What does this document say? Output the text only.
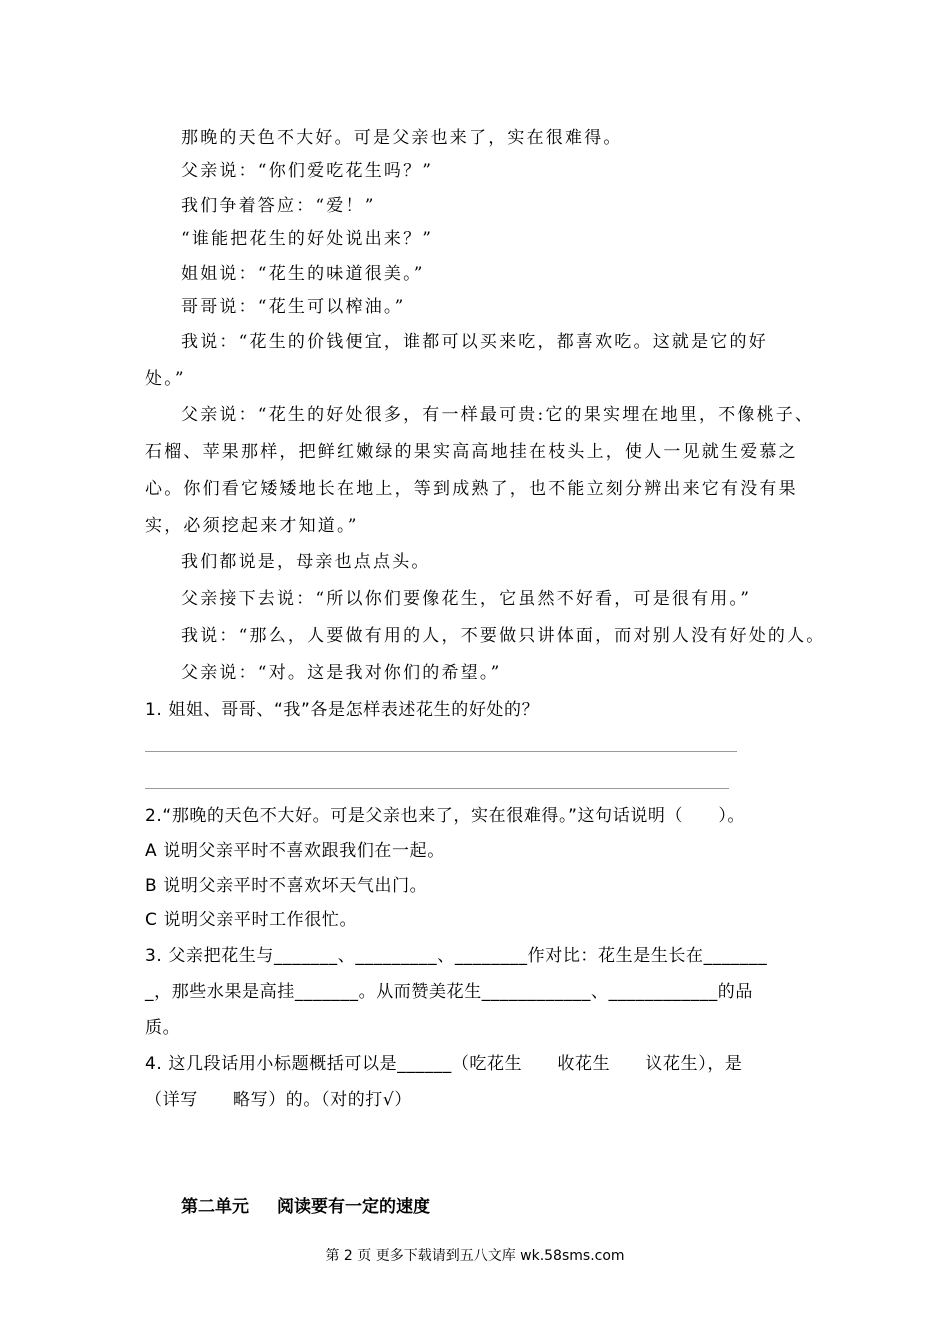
那晚的天色不大好。可是父亲也来了，实在很难得。
父亲说：“你们爱吃花生吗？”
我们争着答应：“爱！”
“谁能把花生的好处说出来？”
姐姐说：“花生的味道很美。”
哥哥说：“花生可以榨油。”
我说：“花生的价钱便宜，谁都可以买来吃，都喜欢吃。这就是它的好
处。”
父亲说：“花生的好处很多，有一样最可贵:它的果实埋在地里，不像桃子、
石榴、苹果那样，把鲜红嫩绿的果实高高地挂在枝头上，使人一见就生爱慕之
心。你们看它矮矮地长在地上，等到成熟了，也不能立刻分辨出来它有没有果
实，必须挖起来才知道。”
我们都说是，母亲也点点头。
父亲接下去说：“所以你们要像花生，它虽然不好看，可是很有用。”
我说：“那么，人要做有用的人，不要做只讲体面，而对别人没有好处的人。
父亲说：“对。这是我对你们的希望。”
1. 姐姐、哥哥、“我”各是怎样表述花生的好处的？
2.“那晚的天色不大好。可是父亲也来了，实在很难得。”这句话说明（　　）。
A 说明父亲平时不喜欢跟我们在一起。
B 说明父亲平时不喜欢坏天气出门。
C 说明父亲平时工作很忙。
3. 父亲把花生与_______、_________、________作对比：花生是生长在_______
_，那些水果是高挂_______。从而赞美花生____________、____________的品
质。
4. 这几段话用小标题概括可以是______（吃花生　　收花生　　议花生），是
（详写　　略写）的。（对的打√）
第二单元 阅读要有一定的速度
第 2 页 更多下载请到五八文库 wk.58sms.com
